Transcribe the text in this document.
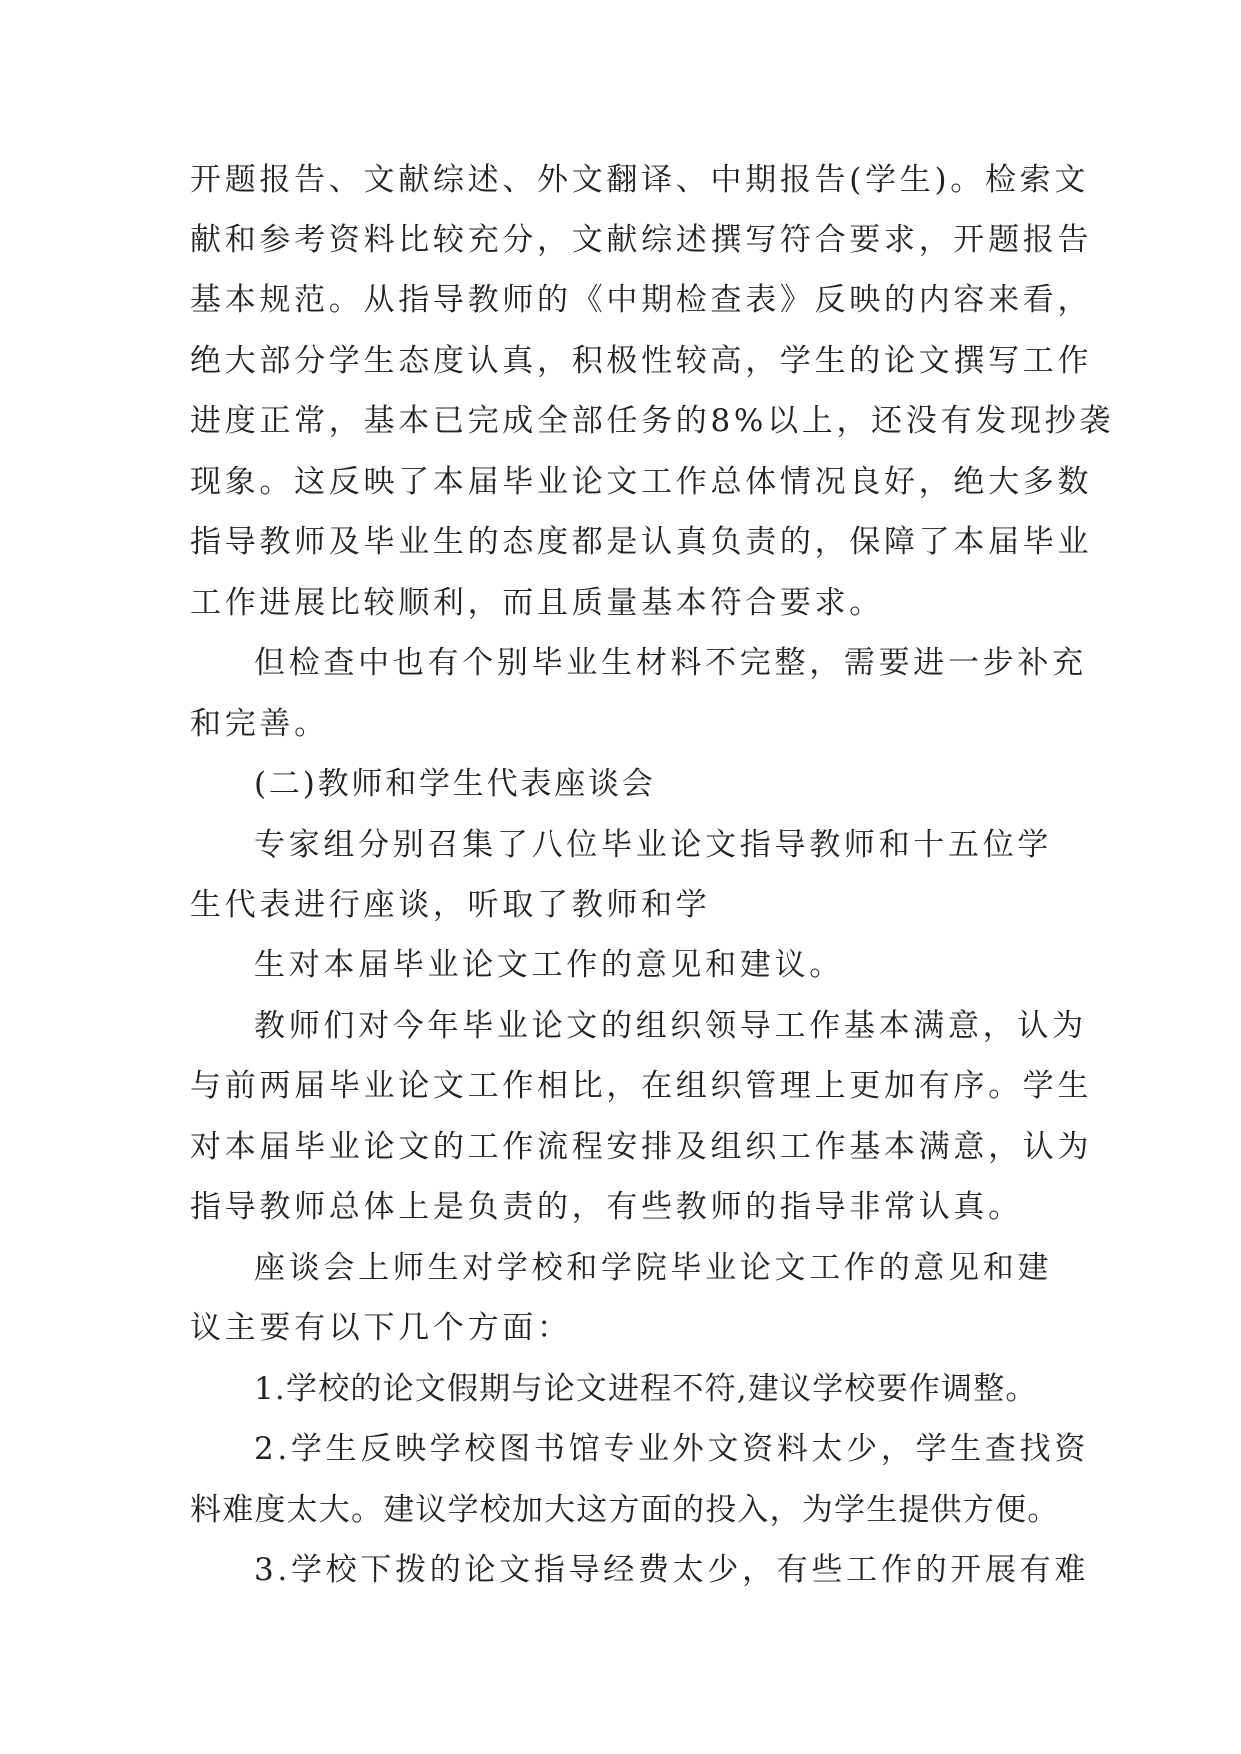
开题报告、文献综述、外文翻译、中期报告(学生)。检索文
献和参考资料比较充分，文献综述撰写符合要求，开题报告
基本规范。从指导教师的《中期检查表》反映的内容来看，
绝大部分学生态度认真，积极性较高，学生的论文撰写工作
进度正常，基本已完成全部任务的8%以上，还没有发现抄袭
现象。这反映了本届毕业论文工作总体情况良好，绝大多数
指导教师及毕业生的态度都是认真负责的，保障了本届毕业
工作进展比较顺利，而且质量基本符合要求。
但检查中也有个别毕业生材料不完整，需要进一步补充
和完善。
(二)教师和学生代表座谈会
专家组分别召集了八位毕业论文指导教师和十五位学
生代表进行座谈，听取了教师和学
生对本届毕业论文工作的意见和建议。
教师们对今年毕业论文的组织领导工作基本满意，认为
与前两届毕业论文工作相比，在组织管理上更加有序。学生
对本届毕业论文的工作流程安排及组织工作基本满意，认为
指导教师总体上是负责的，有些教师的指导非常认真。
座谈会上师生对学校和学院毕业论文工作的意见和建
议主要有以下几个方面：
1.学校的论文假期与论文进程不符,建议学校要作调整。
2.学生反映学校图书馆专业外文资料太少，学生查找资
料难度太大。建议学校加大这方面的投入，为学生提供方便。
3.学校下拨的论文指导经费太少，有些工作的开展有难
